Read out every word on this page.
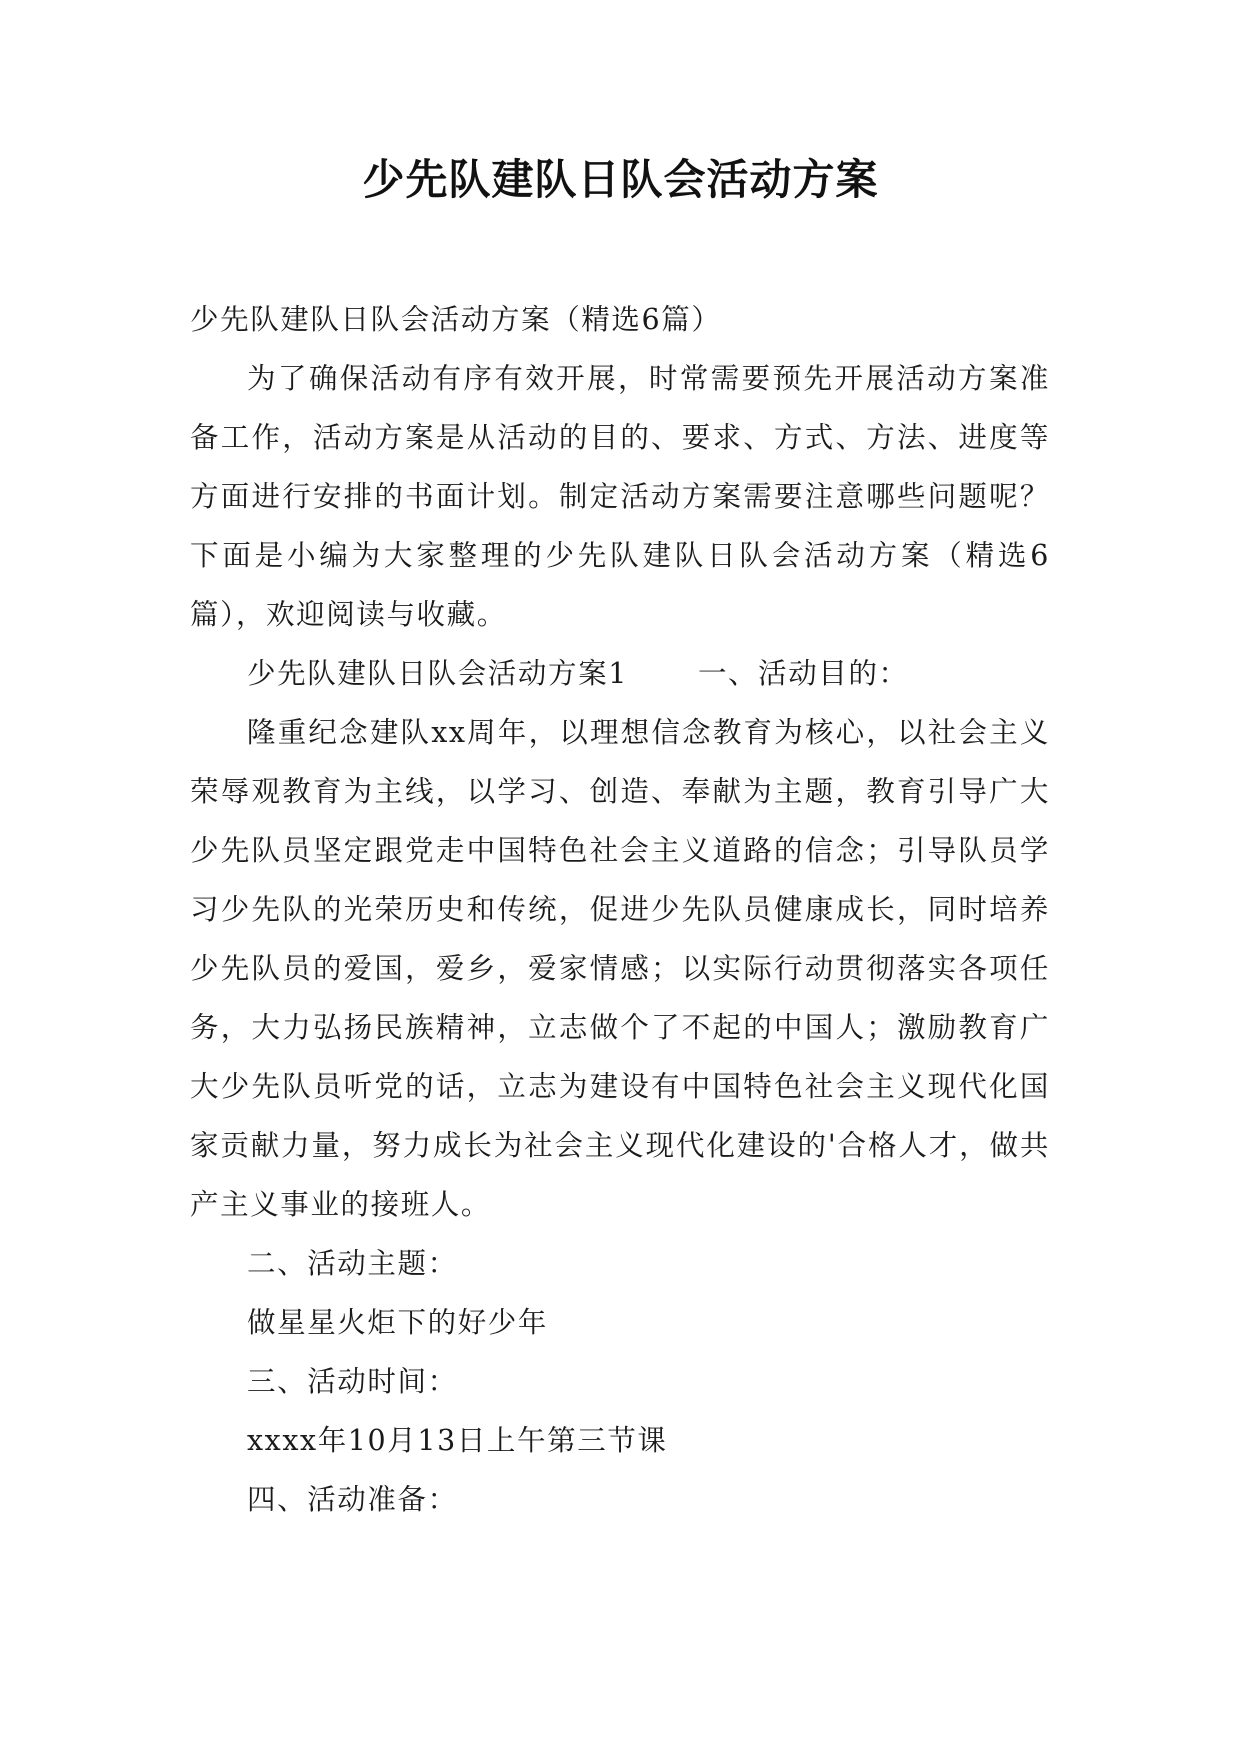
少先队建队日队会活动方案

少先队建队日队会活动方案（精选6篇）

为了确保活动有序有效开展，时常需要预先开展活动方案准备工作，活动方案是从活动的目的、要求、方式、方法、进度等方面进行安排的书面计划。制定活动方案需要注意哪些问题呢？下面是小编为大家整理的少先队建队日队会活动方案（精选6篇），欢迎阅读与收藏。

少先队建队日队会活动方案1 一、活动目的：

隆重纪念建队xx周年，以理想信念教育为核心，以社会主义荣辱观教育为主线，以学习、创造、奉献为主题，教育引导广大少先队员坚定跟党走中国特色社会主义道路的信念；引导队员学习少先队的光荣历史和传统，促进少先队员健康成长，同时培养少先队员的爱国，爱乡，爱家情感；以实际行动贯彻落实各项任务，大力弘扬民族精神，立志做个了不起的中国人；激励教育广大少先队员听党的话，立志为建设有中国特色社会主义现代化国家贡献力量，努力成长为社会主义现代化建设的'合格人才，做共产主义事业的接班人。

二、活动主题：

做星星火炬下的好少年

三、活动时间：

xxxx年10月13日上午第三节课

四、活动准备：
